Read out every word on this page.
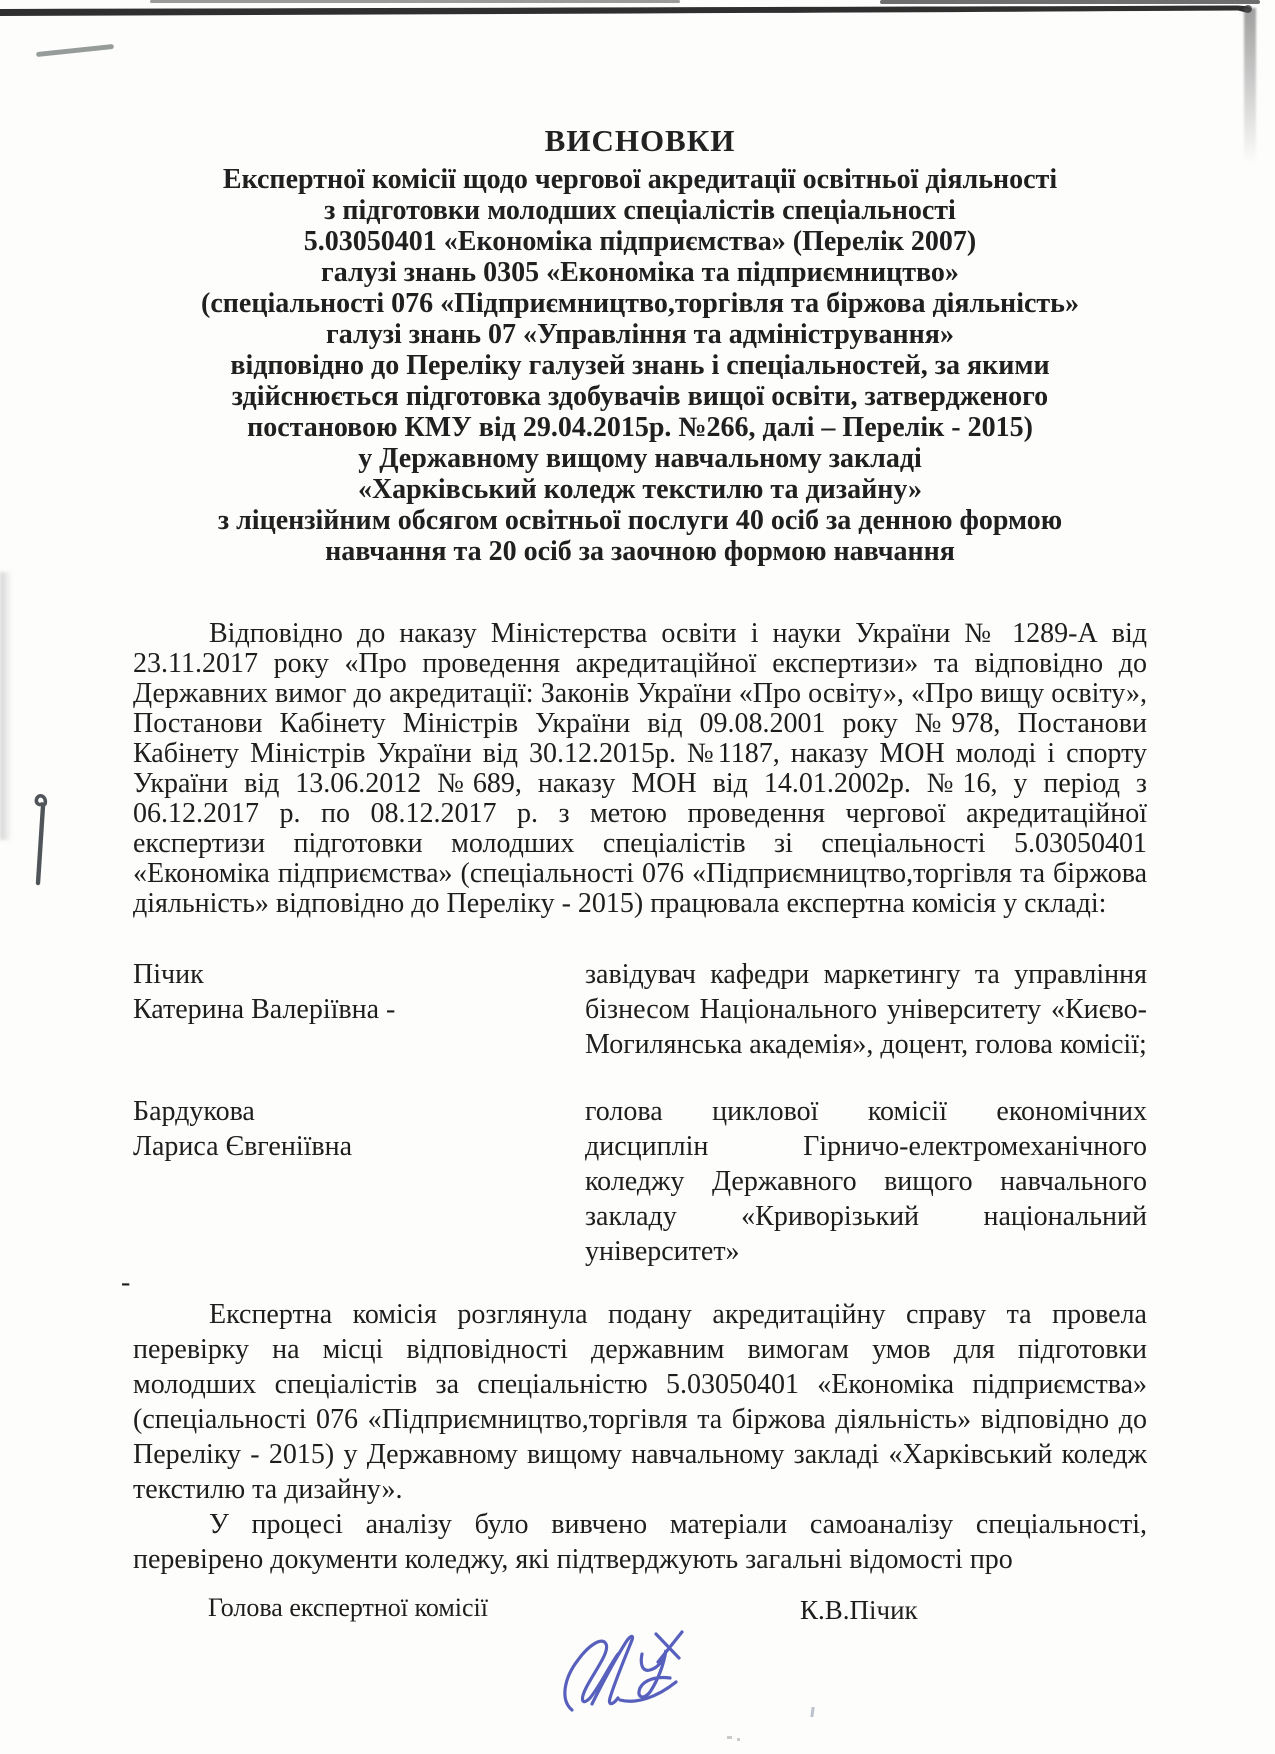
ВИСНОВКИ
Експертної комісії щодо чергової акредитації освітньої діяльності
з підготовки молодших спеціалістів спеціальності
5.03050401 «Економіка підприємства» (Перелік 2007)
галузі знань 0305 «Економіка та підприємництво»
(спеціальності 076 «Підприємництво,торгівля та біржова діяльність»
галузі знань 07 «Управління та адміністрування»
відповідно до Переліку галузей знань і спеціальностей, за якими
здійснюється підготовка здобувачів вищої освіти, затвердженого
постановою КМУ від 29.04.2015р. №266, далі – Перелік - 2015)
у Державному вищому навчальному закладі
«Харківський коледж текстилю та дизайну»
з ліцензійним обсягом освітньої послуги 40 осіб за денною формою
навчання та 20 осіб за заочною формою навчання

Відповідно до наказу Міністерства освіти і науки України № 1289-А від 23.11.2017 року «Про проведення акредитаційної експертизи» та відповідно до Державних вимог до акредитації: Законів України «Про освіту», «Про вищу освіту», Постанови Кабінету Міністрів України від 09.08.2001 року №978, Постанови Кабінету Міністрів України від 30.12.2015р. №1187, наказу МОН молоді і спорту України від 13.06.2012 №689, наказу МОН від 14.01.2002р. №16, у період з 06.12.2017 р. по 08.12.2017 р. з метою проведення чергової акредитаційної експертизи підготовки молодших спеціалістів зі спеціальності 5.03050401 «Економіка підприємства» (спеціальності 076 «Підприємництво,торгівля та біржова діяльність» відповідно до Переліку - 2015) працювала експертна комісія у складі:

Пічик
Катерина Валеріївна -
завідувач кафедри маркетингу та управління бізнесом Національного університету «Києво-Могилянська академія», доцент, голова комісії;
Бардукова
Лариса Євгеніївна
голова циклової комісії економічних дисциплін Гірничо-електромеханічного коледжу Державного вищого навчального закладу «Криворізький національний університет»
-

Експертна комісія розглянула подану акредитаційну справу та провела перевірку на місці відповідності державним вимогам умов для підготовки молодших спеціалістів за спеціальністю 5.03050401 «Економіка підприємства» (спеціальності 076 «Підприємництво,торгівля та біржова діяльність» відповідно до Переліку - 2015) у Державному вищому навчальному закладі «Харківський коледж текстилю та дизайну».

У процесі аналізу було вивчено матеріали самоаналізу спеціальності, перевірено документи коледжу, які підтверджують загальні відомості про

Голова експертної комісії	К.В.Пічик
